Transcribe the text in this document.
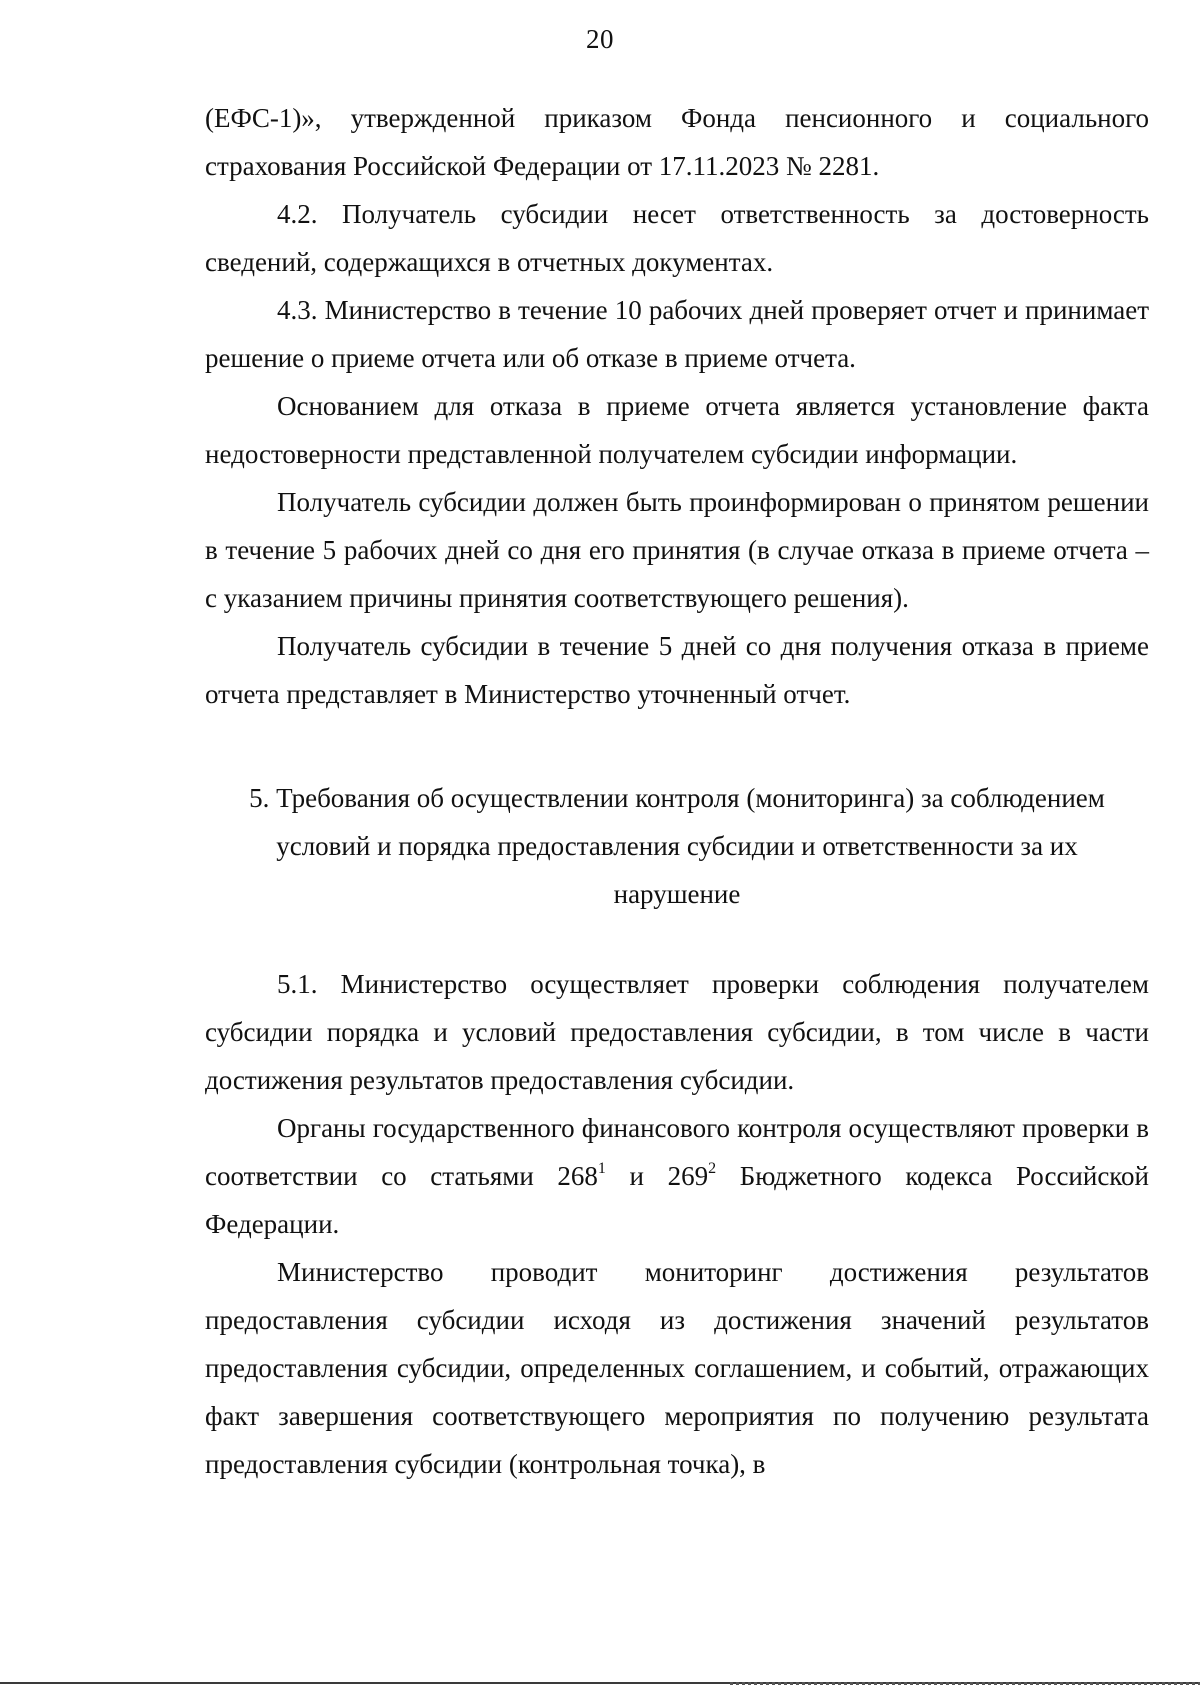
20

(ЕФС-1)», утвержденной приказом Фонда пенсионного и социального страхования Российской Федерации от 17.11.2023 № 2281.

4.2. Получатель субсидии несет ответственность за достоверность сведений, содержащихся в отчетных документах.

4.3. Министерство в течение 10 рабочих дней проверяет отчет и принимает решение о приеме отчета или об отказе в приеме отчета.

Основанием для отказа в приеме отчета является установление факта недостоверности представленной получателем субсидии информации.

Получатель субсидии должен быть проинформирован о принятом решении в течение 5 рабочих дней со дня его принятия (в случае отказа в приеме отчета – с указанием причины принятия соответствующего решения).

Получатель субсидии в течение 5 дней со дня получения отказа в приеме отчета представляет в Министерство уточненный отчет.

5. Требования об осуществлении контроля (мониторинга) за соблюдением
условий и порядка предоставления субсидии и ответственности за их
нарушение

5.1. Министерство осуществляет проверки соблюдения получателем субсидии порядка и условий предоставления субсидии, в том числе в части достижения результатов предоставления субсидии.

Органы государственного финансового контроля осуществляют проверки в соответствии со статьями $268^1$ и $269^2$ Бюджетного кодекса Российской Федерации.

Министерство проводит мониторинг достижения результатов предоставления субсидии исходя из достижения значений результатов предоставления субсидии, определенных соглашением, и событий, отражающих факт завершения соответствующего мероприятия по получению результата предоставления субсидии (контрольная точка), в
